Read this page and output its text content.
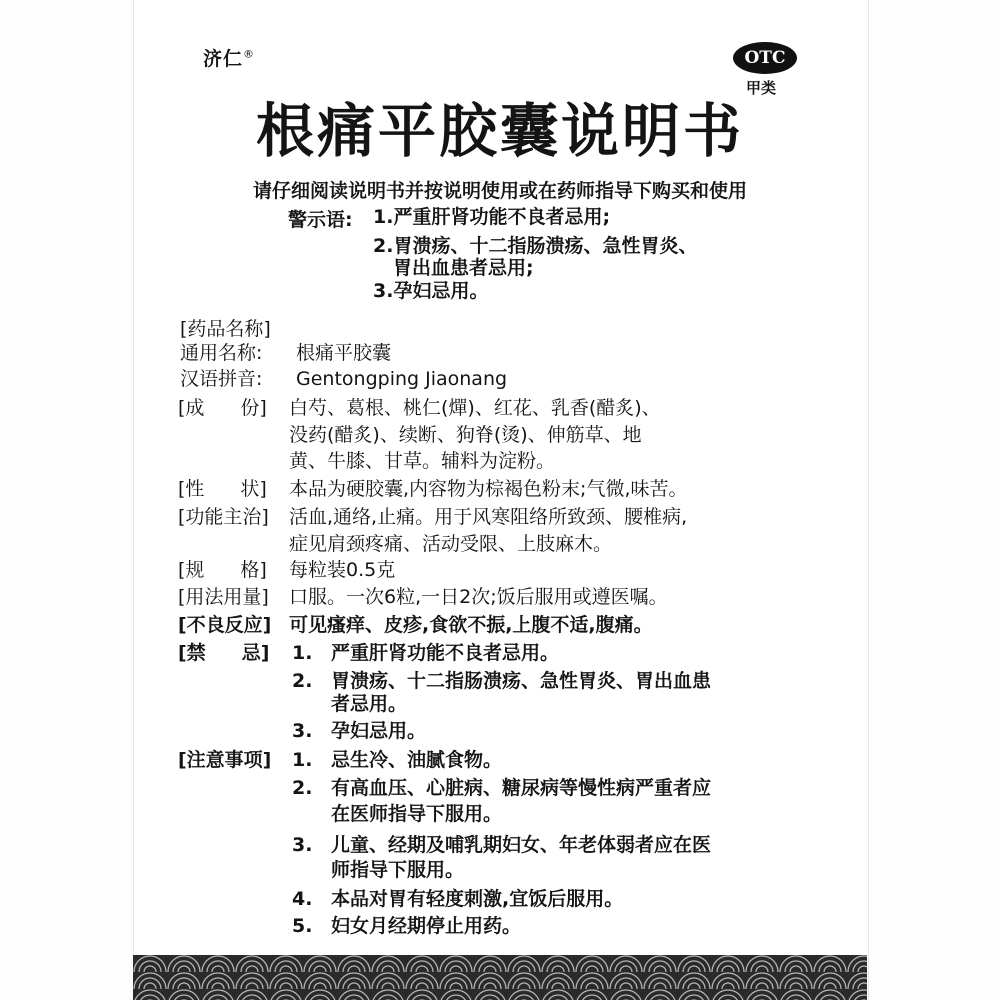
济仁®	OTC
甲类
根痛平胶囊说明书
请仔细阅读说明书并按说明使用或在药师指导下购买和使用
警示语: 1.严重肝肾功能不良者忌用;
2.胃溃疡、十二指肠溃疡、急性胃炎、
胃出血患者忌用;
3.孕妇忌用。
[药品名称]
通用名称: 根痛平胶囊
汉语拼音: Gentongping Jiaonang
[成 份] 白芍、葛根、桃仁(燀)、红花、乳香(醋炙)、
没药(醋炙)、续断、狗脊(烫)、伸筋草、地
黄、牛膝、甘草。辅料为淀粉。
[性 状] 本品为硬胶囊,内容物为棕褐色粉末;气微,味苦。
[功能主治] 活血,通络,止痛。用于风寒阻络所致颈、腰椎病,
症见肩颈疼痛、活动受限、上肢麻木。
[规 格] 每粒装0.5克
[用法用量] 口服。一次6粒,一日2次;饭后服用或遵医嘱。
[不良反应] 可见瘙痒、皮疹,食欲不振,上腹不适,腹痛。
[禁 忌] 1. 严重肝肾功能不良者忌用。
2. 胃溃疡、十二指肠溃疡、急性胃炎、胃出血患
者忌用。
3. 孕妇忌用。
[注意事项] 1. 忌生冷、油腻食物。
2. 有高血压、心脏病、糖尿病等慢性病严重者应
在医师指导下服用。
3. 儿童、经期及哺乳期妇女、年老体弱者应在医
师指导下服用。
4. 本品对胃有轻度刺激,宜饭后服用。
5. 妇女月经期停止用药。
